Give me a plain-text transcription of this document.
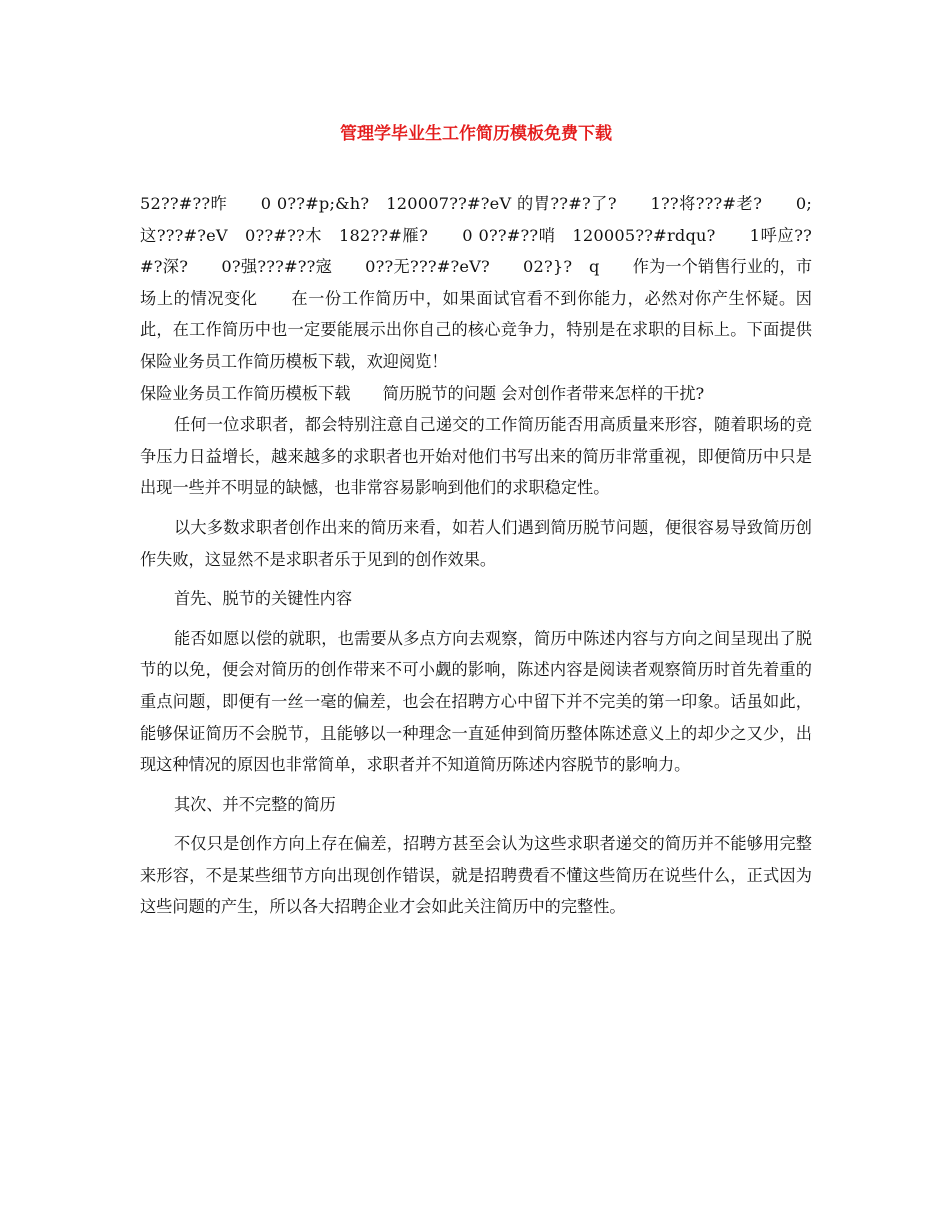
管理学毕业生工作简历模板免费下载

52??#??昨　　0 0??#p;&h?　120007??#?eV 的胃??#?了?　　1??将???#老?　　0;这???#?eV　0??#??木　182??#雁?　　0 0??#??哨　120005??#rdqu?　　1呼应??#?深?　　0?强???#??宼　　0??无???#?eV?　　02?}?　q　　作为一个销售行业的，市场上的情况变化　　在一份工作简历中，如果面试官看不到你能力，必然对你产生怀疑。因此，在工作简历中也一定要能展示出你自己的核心竞争力，特别是在求职的目标上。下面提供保险业务员工作简历模板下载，欢迎阅览！

保险业务员工作简历模板下载　　简历脱节的问题 会对创作者带来怎样的干扰?

任何一位求职者，都会特别注意自己递交的工作简历能否用高质量来形容，随着职场的竞争压力日益增长，越来越多的求职者也开始对他们书写出来的简历非常重视，即便简历中只是出现一些并不明显的缺憾，也非常容易影响到他们的求职稳定性。

以大多数求职者创作出来的简历来看，如若人们遇到简历脱节问题，便很容易导致简历创作失败，这显然不是求职者乐于见到的创作效果。

首先、脱节的关键性内容

能否如愿以偿的就职，也需要从多点方向去观察，简历中陈述内容与方向之间呈现出了脱节的以免，便会对简历的创作带来不可小觑的影响，陈述内容是阅读者观察简历时首先着重的重点问题，即便有一丝一毫的偏差，也会在招聘方心中留下并不完美的第一印象。话虽如此，能够保证简历不会脱节，且能够以一种理念一直延伸到简历整体陈述意义上的却少之又少，出现这种情况的原因也非常简单，求职者并不知道简历陈述内容脱节的影响力。

其次、并不完整的简历

不仅只是创作方向上存在偏差，招聘方甚至会认为这些求职者递交的简历并不能够用完整来形容，不是某些细节方向出现创作错误，就是招聘费看不懂这些简历在说些什么，正式因为这些问题的产生，所以各大招聘企业才会如此关注简历中的完整性。
